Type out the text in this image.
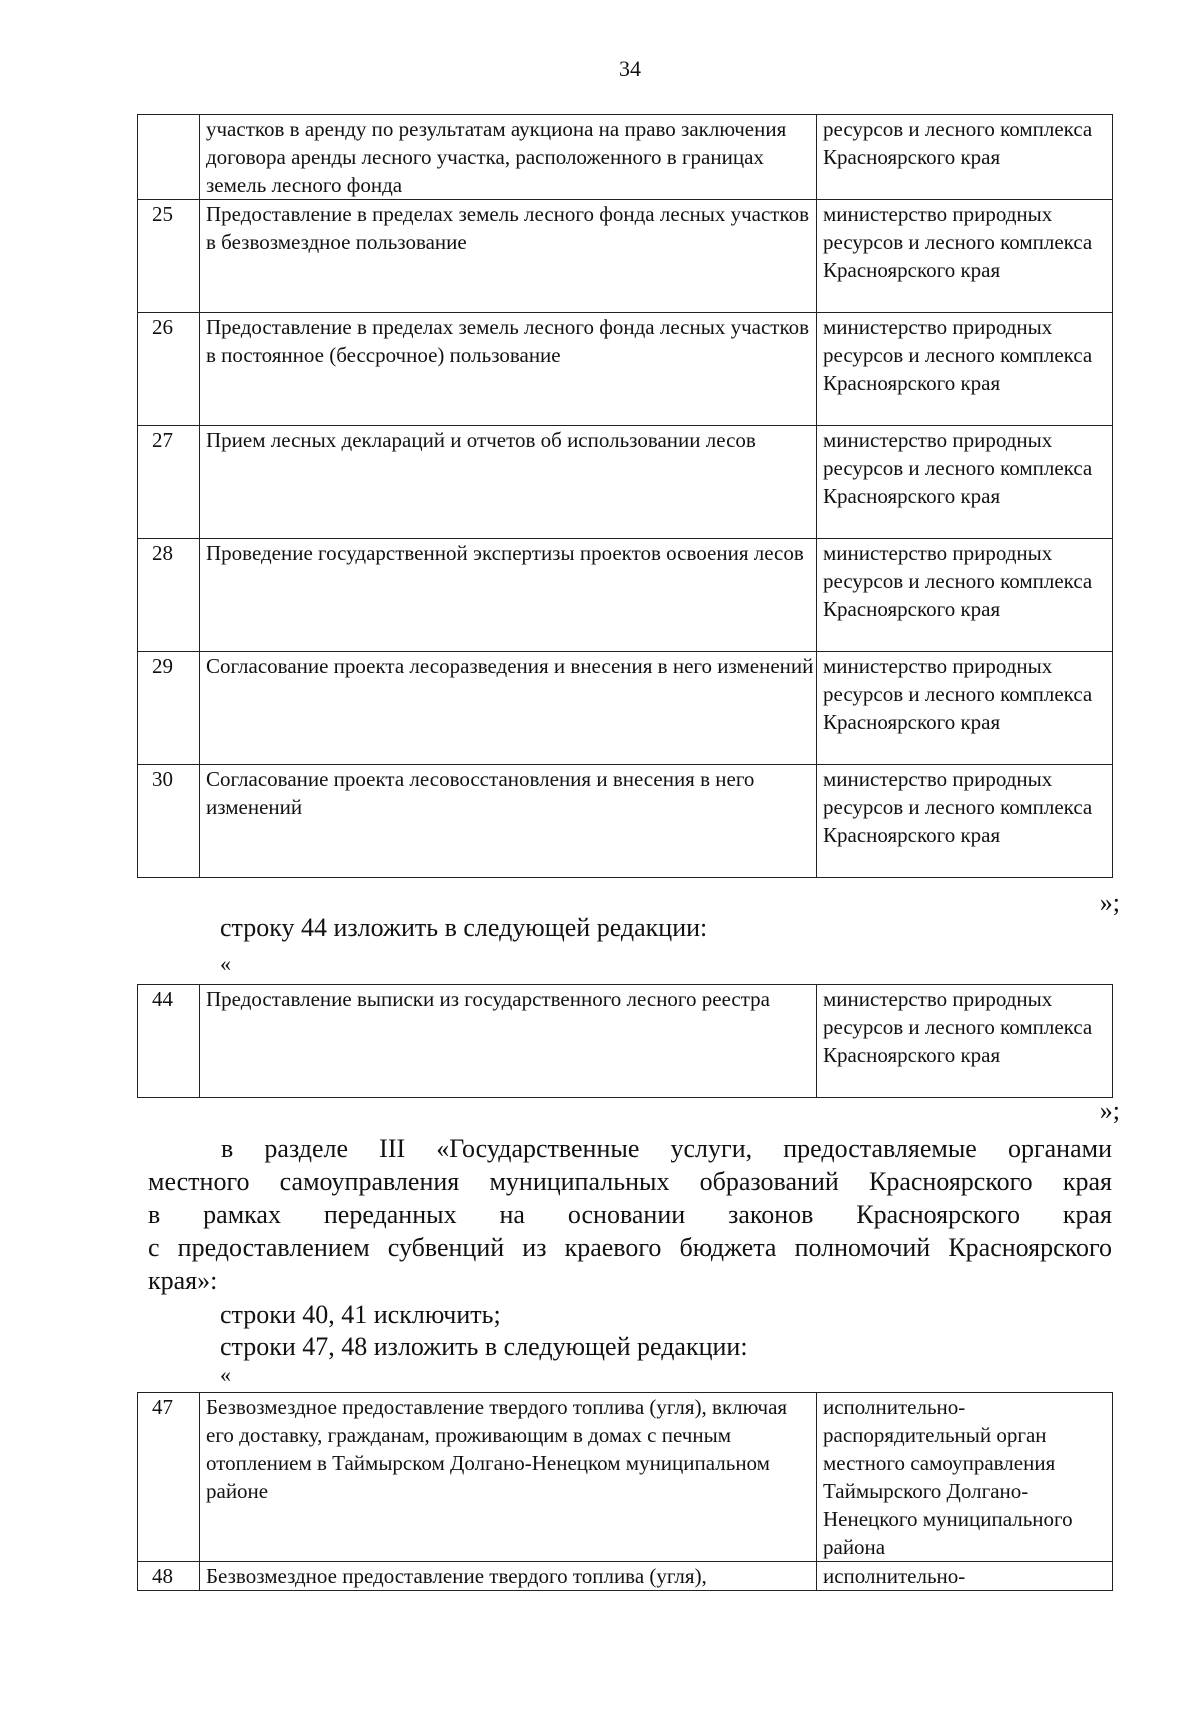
34
	участков в аренду по результатам аукциона на право заключения договора аренды лесного участка, расположенного в границах земель лесного фонда	ресурсов и лесного комплекса Красноярского края
25	Предоставление в пределах земель лесного фонда лесных участков в безвозмездное пользование	министерство природных ресурсов и лесного комплекса Красноярского края
26	Предоставление в пределах земель лесного фонда лесных участков в постоянное (бессрочное) пользование	министерство природных ресурсов и лесного комплекса Красноярского края
27	Прием лесных деклараций и отчетов об использовании лесов	министерство природных ресурсов и лесного комплекса Красноярского края
28	Проведение государственной экспертизы проектов освоения лесов	министерство природных ресурсов и лесного комплекса Красноярского края
29	Согласование проекта лесоразведения и внесения в него изменений	министерство природных ресурсов и лесного комплекса Красноярского края
30	Согласование проекта лесовосстановления и внесения в него изменений	министерство природных ресурсов и лесного комплекса Красноярского края
»;
строку 44 изложить в следующей редакции:
«
44	Предоставление выписки из государственного лесного реестра	министерство природных ресурсов и лесного комплекса Красноярского края
»;
в разделе III «Государственные услуги, предоставляемые органами
местного самоуправления муниципальных образований Красноярского края
в рамках переданных на основании законов Красноярского края
с предоставлением субвенций из краевого бюджета полномочий Красноярского
края»:
строки 40, 41 исключить;
строки 47, 48 изложить в следующей редакции:
«
47	Безвозмездное предоставление твердого топлива (угля), включая его доставку, гражданам, проживающим в домах с печным отоплением в Таймырском Долгано-Ненецком муниципальном районе	исполнительно-распорядительный орган местного самоуправления Таймырского Долгано-Ненецкого муниципального района
48	Безвозмездное предоставление твердого топлива (угля),	исполнительно-
